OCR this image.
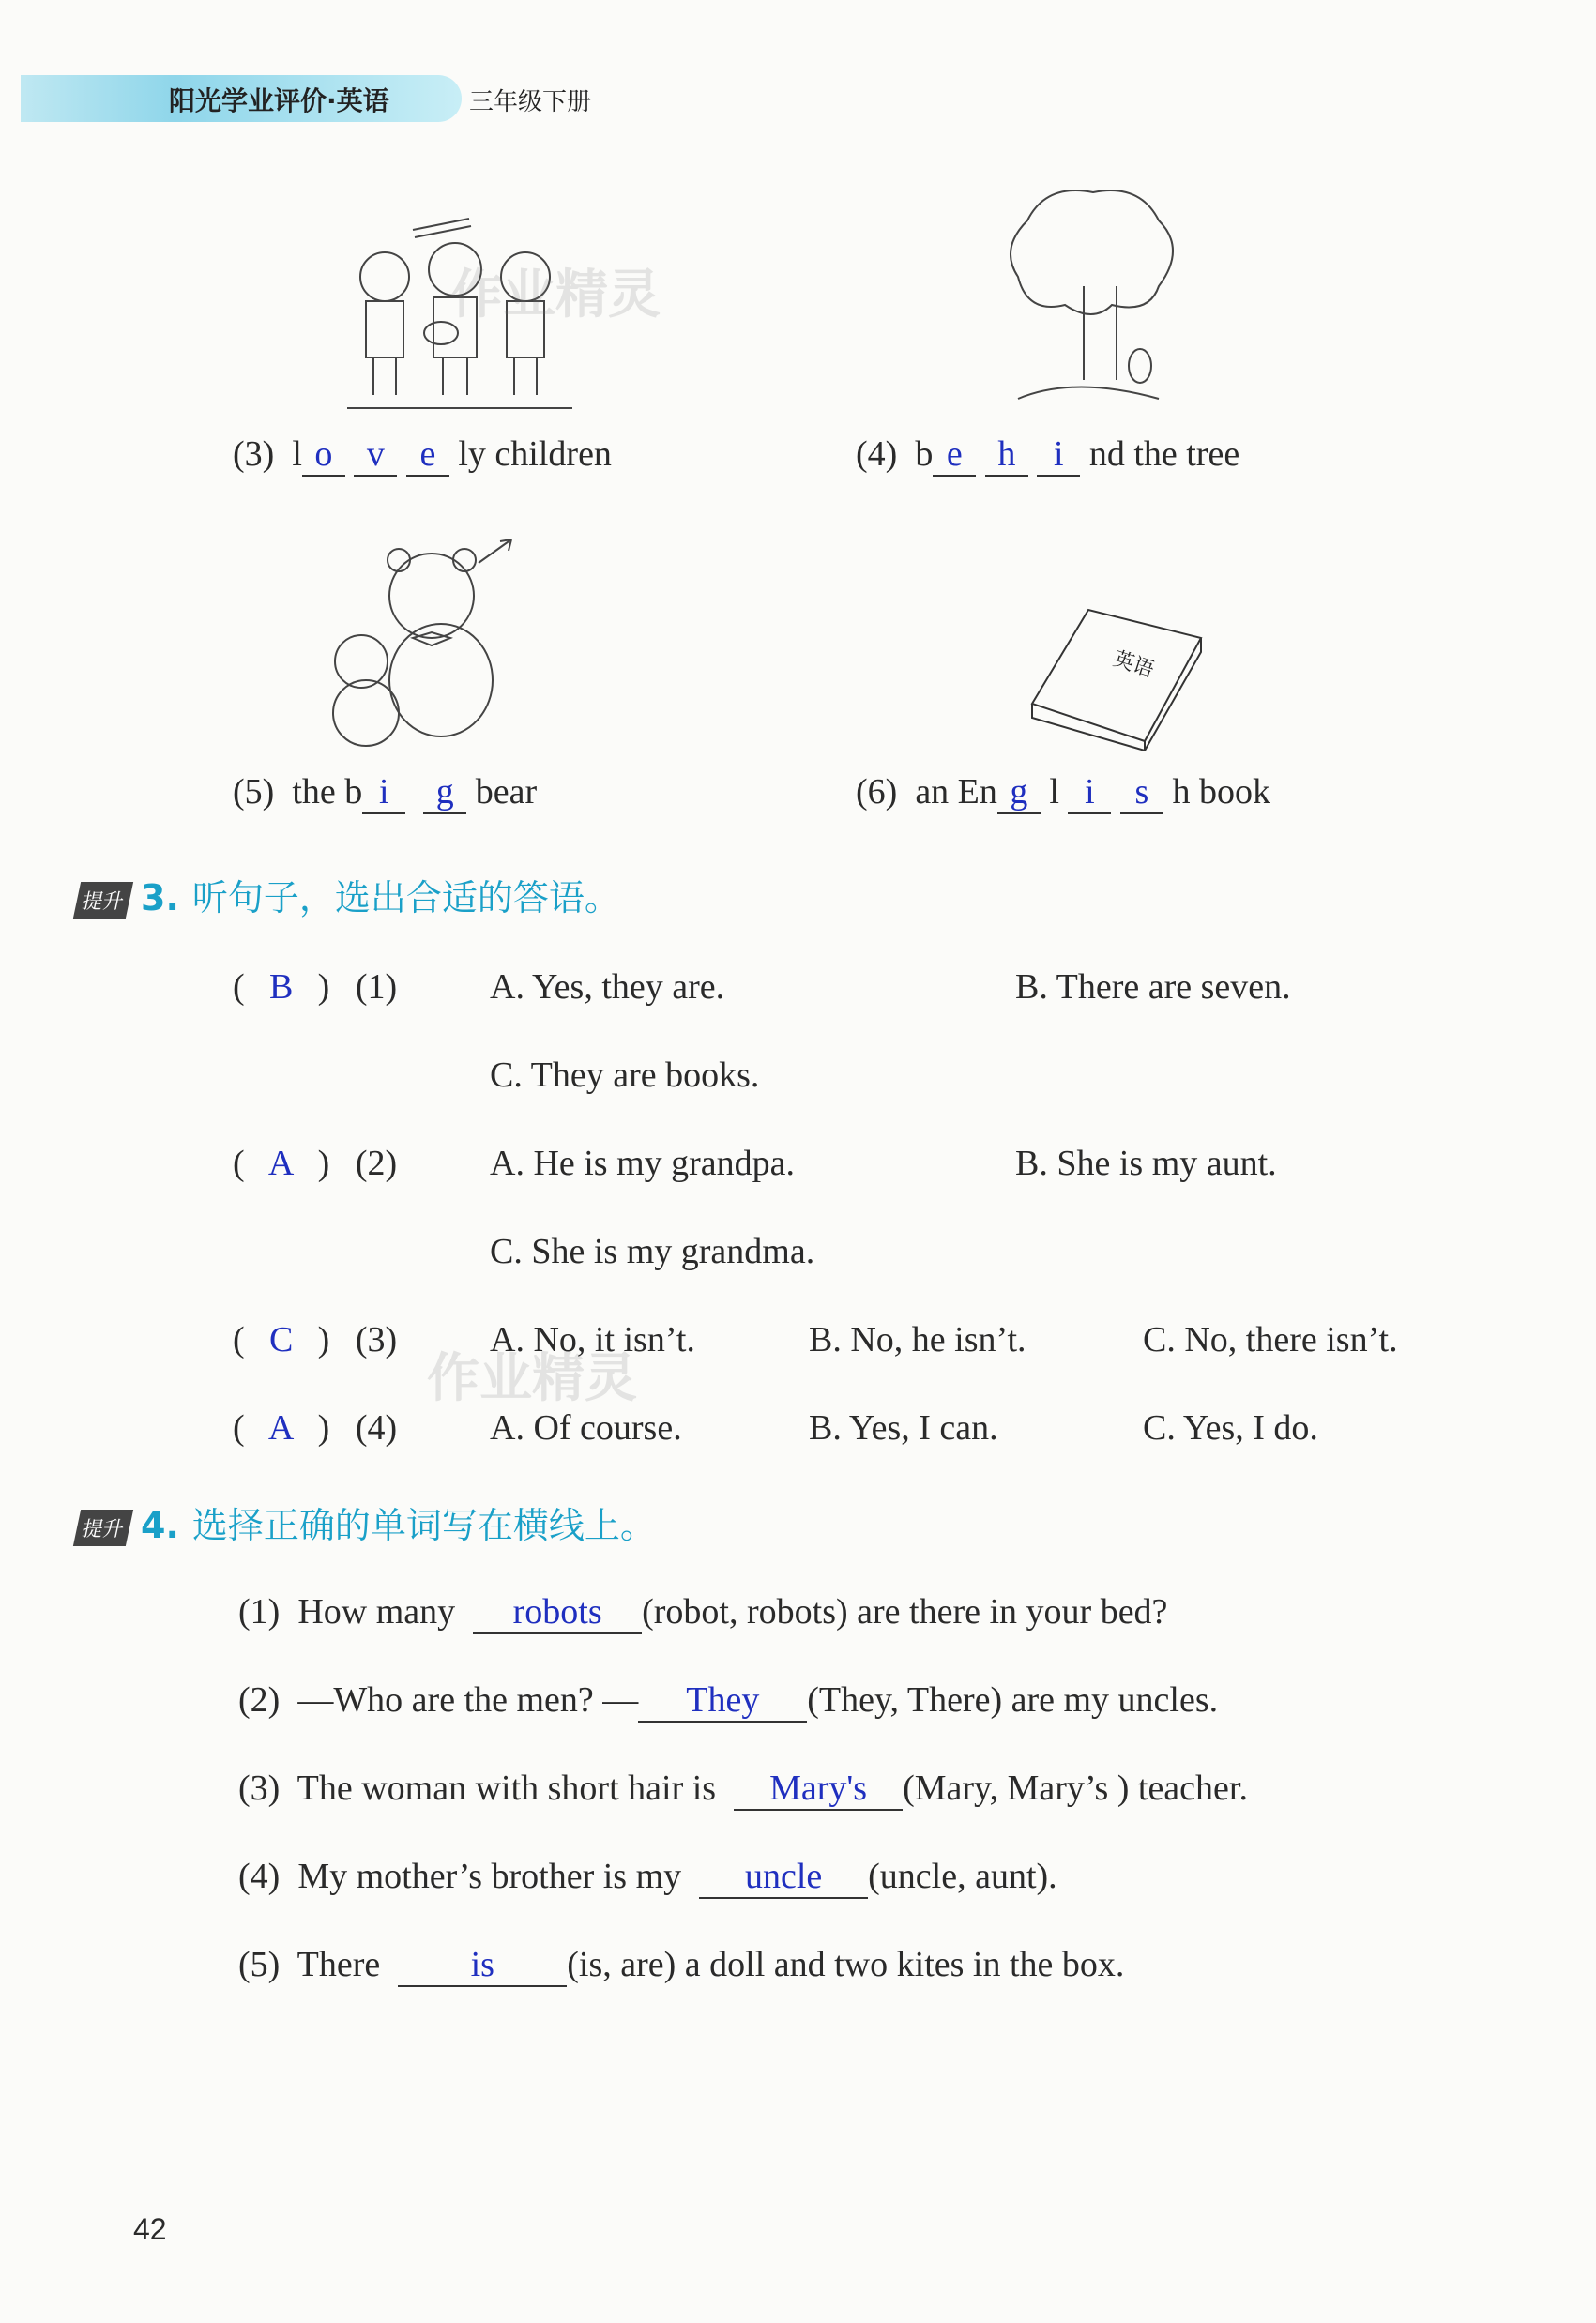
阳光学业评价·英语	三年级下册
作业精灵
(3) l o v e ly children	(4) b e h i nd the tree
英语
(5) the b i g bear	(6) an En g l i s h book
提升 3. 听句子，选出合适的答语。
(  B  ) (1)	A. Yes, they are.	B. There are seven.
C. They are books.
(  A  ) (2)	A. He is my grandpa.	B. She is my aunt.
C. She is my grandma.
(  C  ) (3)	A. No, it isn’t.	B. No, he isn’t.	C. No, there isn’t.
作业精灵
(  A  ) (4)	A. Of course.	B. Yes, I can.	C. Yes, I do.
提升 4. 选择正确的单词写在横线上。
(1) How many robots (robot, robots) are there in your bed?
(2) —Who are the men? — They (They, There) are my uncles.
(3) The woman with short hair is Mary's (Mary, Mary’s ) teacher.
(4) My mother’s brother is my uncle (uncle, aunt).
(5) There	is (is, are) a doll and two kites in the box.
42
